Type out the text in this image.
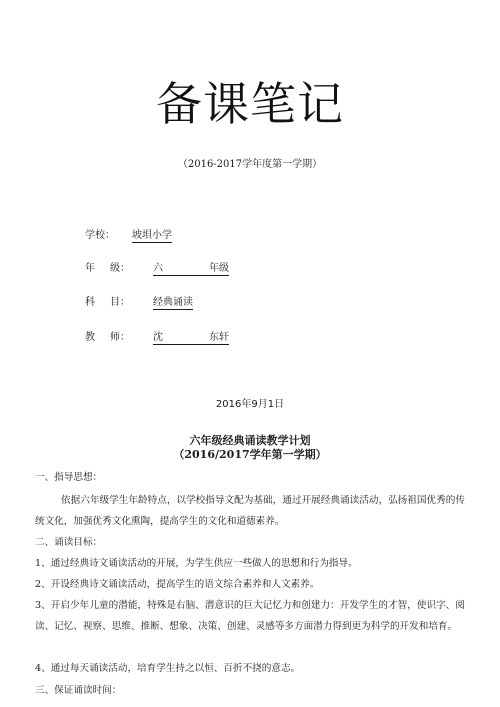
备课笔记
（2016-2017学年度第一学期）
学校： 坡垻小学
年 级： 六	年级

科 目： 经典诵读
教 师： 沈	东轩

2016年9月1日
六年级经典诵读教学计划
（2016/2017学年第一学期）

一、指导思想：

依据六年级学生年龄特点，以学校指导文配为基础，通过开展经典诵读活动，弘扬祖国优秀的传统文化，加强优秀文化熏陶，提高学生的文化和道德素养。

二、诵读目标：

1、通过经典诗文诵读活动的开展，为学生供应一些做人的思想和行为指导。

2、开设经典诗文诵读活动，提高学生的语文综合素养和人文素养。

3、开启少年儿童的潜能，特殊是右脑、潜意识的巨大记忆力和创建力：开发学生的才智，使识字、阅读、记忆、视察、思维、推断、想象、决策、创建、灵感等多方面潜力得到更为科学的开发和培育。

4、通过每天诵读活动，培育学生持之以恒、百折不挠的意志。

三、保证诵读时间：
